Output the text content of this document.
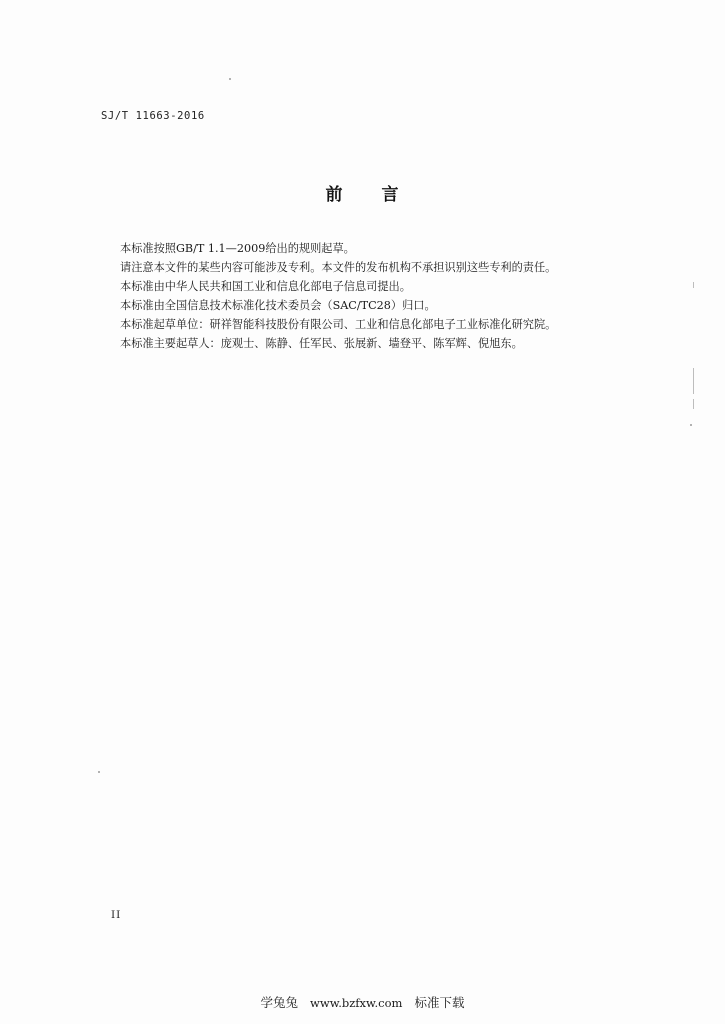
SJ/T 11663-2016
前 言
本标准按照GB/T 1.1—2009给出的规则起草。
请注意本文件的某些内容可能涉及专利。本文件的发布机构不承担识别这些专利的责任。
本标准由中华人民共和国工业和信息化部电子信息司提出。
本标准由全国信息技术标准化技术委员会（SAC/TC28）归口。
本标准起草单位：研祥智能科技股份有限公司、工业和信息化部电子工业标准化研究院。
本标准主要起草人：庞观士、陈静、任军民、张展新、墙登平、陈军辉、倪旭东。
II
学兔兔 www.bzfxw.com 标准下载
